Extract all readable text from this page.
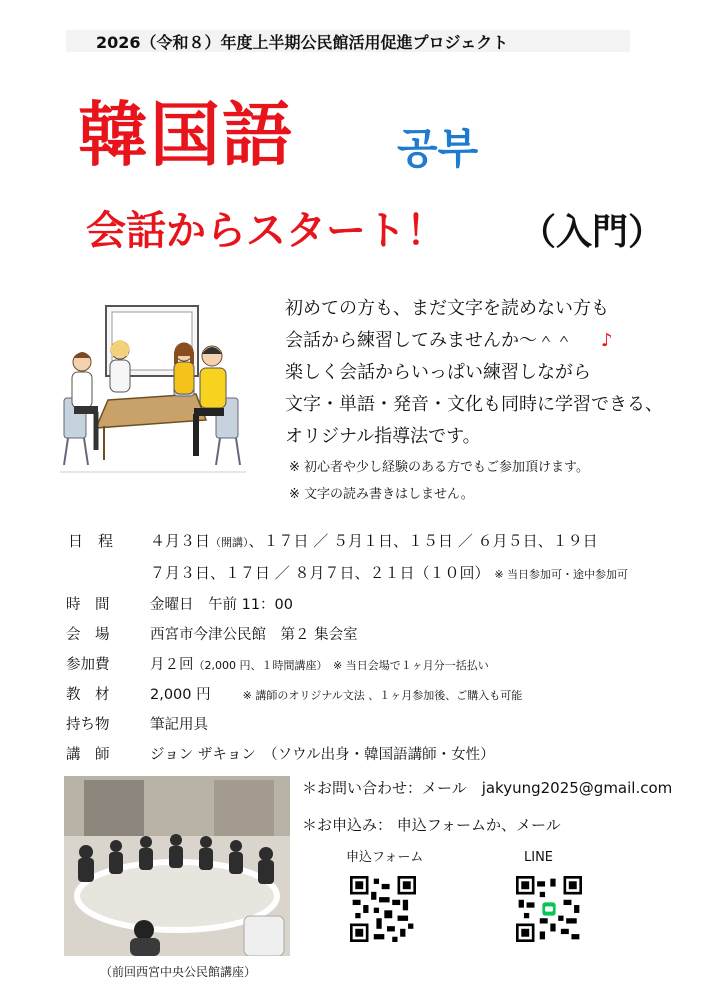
2026（令和８）年度上半期公民館活用促進プロジェクト
韓国語 공부
会話からスタート！ （入門）
初めての方も、まだ文字を読めない方も
会話から練習してみませんか～＾＾ ♪
楽しく会話からいっぱい練習しながら
文字・単語・発音・文化も同時に学習できる、
オリジナル指導法です。
※ 初心者や少し経験のある方でもご参加頂けます。
※ 文字の読み書きはしません。
日　程 ４月３日（開講）、１７日 ／ ５月１日、１５日 ／ ６月５日、１９日
７月３日、１７日 ／ ８月７日、２１日（１０回） ※ 当日参加可・途中参加可
時　間	金曜日　午前 11：00
会　場	西宮市今津公民館　第２ 集会室
参加費	月２回（2,000 円、１時間講座）　※ 当日会場で１ヶ月分一括払い
教　材	2,000 円	※ 講師のオリジナル文法 、１ヶ月参加後、ご購入も可能
持ち物	筆記用具
講　師	ジョン ザキョン　（ソウル出身・韓国語講師・女性）
（前回西宮中央公民館講座）
＊お問い合わせ：メール　jakyung2025@gmail.com
＊お申込み： 申込フォームか、メール
申込フォーム	LINE
